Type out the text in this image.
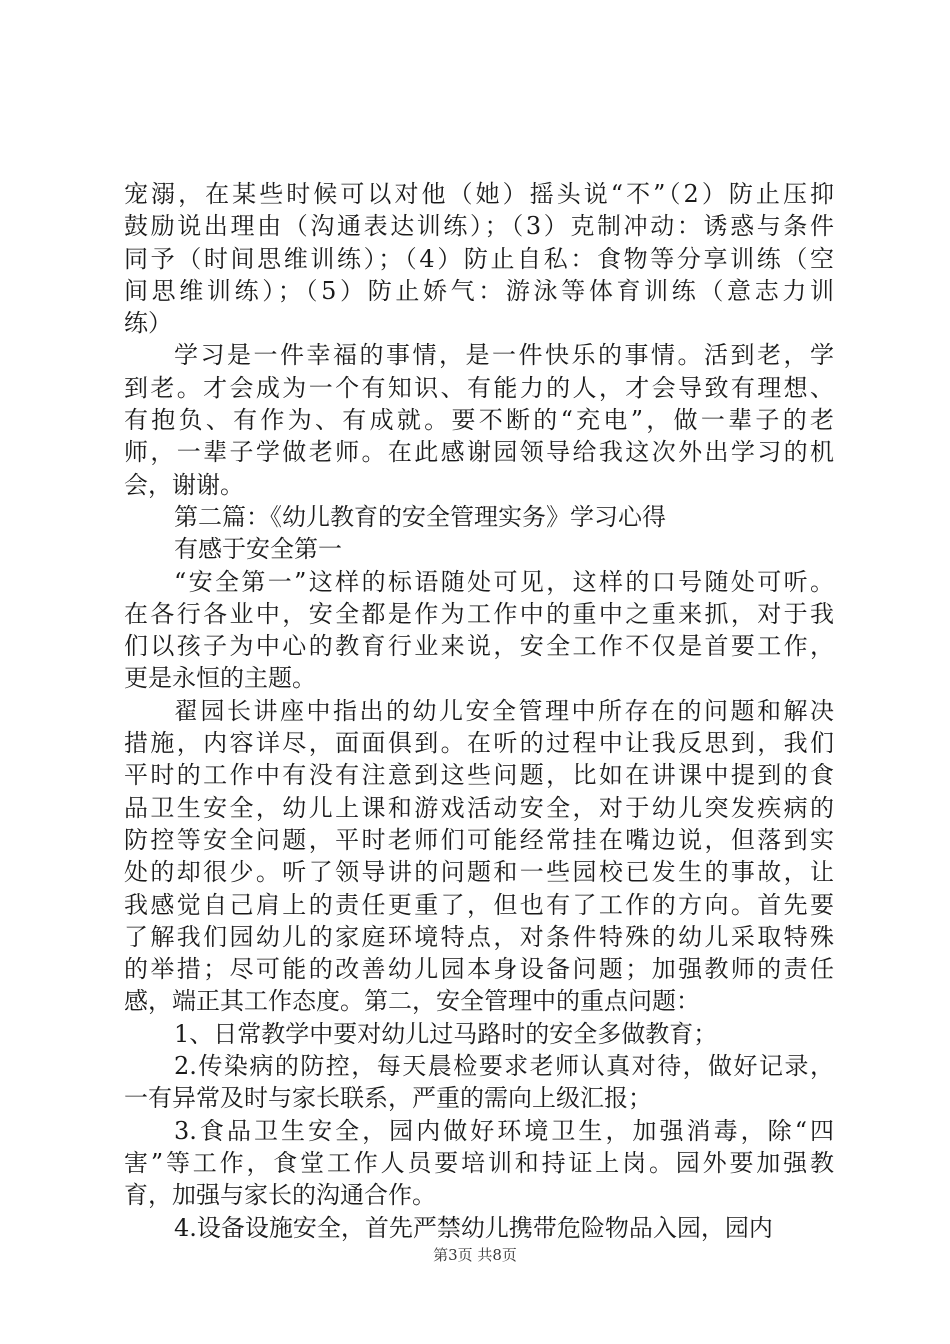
宠溺，在某些时候可以对他（她）摇头说“不”（2）防止压抑
鼓励说出理由（沟通表达训练）；（3）克制冲动：诱惑与条件
同予（时间思维训练）；（4）防止自私：食物等分享训练（空
间思维训练）；（5）防止娇气：游泳等体育训练（意志力训
练）
学习是一件幸福的事情，是一件快乐的事情。活到老，学
到老。才会成为一个有知识、有能力的人，才会导致有理想、
有抱负、有作为、有成就。要不断的“充电”，做一辈子的老
师，一辈子学做老师。在此感谢园领导给我这次外出学习的机
会，谢谢。
第二篇：《幼儿教育的安全管理实务》学习心得
有感于安全第一
“安全第一”这样的标语随处可见，这样的口号随处可听。
在各行各业中，安全都是作为工作中的重中之重来抓，对于我
们以孩子为中心的教育行业来说，安全工作不仅是首要工作，
更是永恒的主题。
翟园长讲座中指出的幼儿安全管理中所存在的问题和解决
措施，内容详尽，面面俱到。在听的过程中让我反思到，我们
平时的工作中有没有注意到这些问题，比如在讲课中提到的食
品卫生安全，幼儿上课和游戏活动安全，对于幼儿突发疾病的
防控等安全问题，平时老师们可能经常挂在嘴边说，但落到实
处的却很少。听了领导讲的问题和一些园校已发生的事故，让
我感觉自己肩上的责任更重了，但也有了工作的方向。首先要
了解我们园幼儿的家庭环境特点，对条件特殊的幼儿采取特殊
的举措；尽可能的改善幼儿园本身设备问题；加强教师的责任
感，端正其工作态度。第二，安全管理中的重点问题：
1、日常教学中要对幼儿过马路时的安全多做教育；
2.传染病的防控，每天晨检要求老师认真对待，做好记录，
一有异常及时与家长联系，严重的需向上级汇报；
3.食品卫生安全，园内做好环境卫生，加强消毒，除“四
害”等工作，食堂工作人员要培训和持证上岗。园外要加强教
育，加强与家长的沟通合作。
4.设备设施安全，首先严禁幼儿携带危险物品入园，园内
第3页 共8页
